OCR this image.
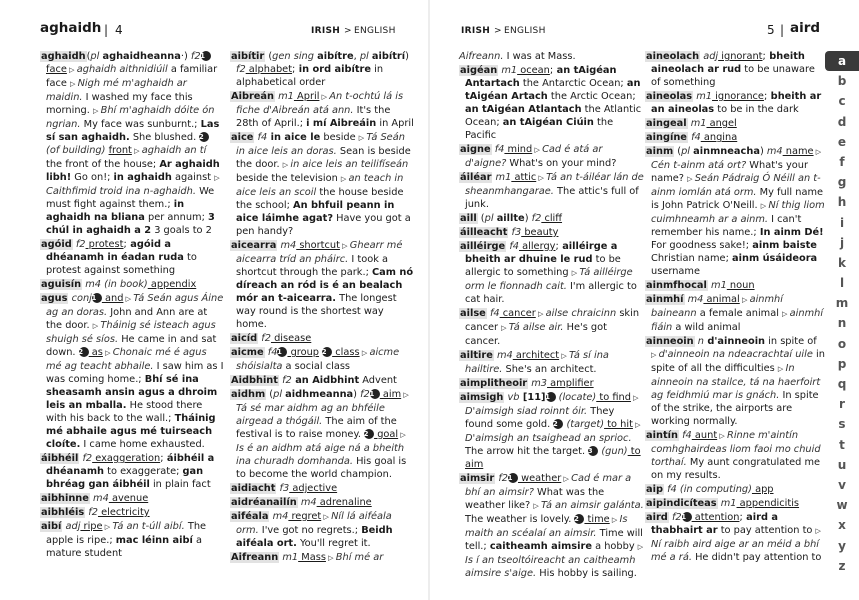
aghaidh | 4	IRISH > ENGLISH

aghaidh(pl aghaidheanna·) f21 face ▷ aghaidh aithnidiúil a familiar face ▷ Nigh mé m'aghaidh ar maidin. I washed my face this morning. ▷ Bhí m'aghaidh dóite ón ngrian. My face was sunburnt.; Las sí san aghaidh. She blushed. 2 (of building) front ▷ aghaidh an tí the front of the house; Ar aghaidh libh! Go on!; in aghaidh against ▷ Caithfimid troid ina n-aghaidh. We must fight against them.; in aghaidh na bliana per annum; 3 chúl in aghaidh a 2 3 goals to 2

agóid f2 protest; agóid a dhéanamh in éadan ruda to protest against something

aguisín m4 (in book) appendix

agus conj1 and ▷ Tá Seán agus Áine ag an doras. John and Ann are at the door. ▷ Tháinig sé isteach agus shuigh sé síos. He came in and sat down. 2 as ▷ Chonaic mé é agus mé ag teacht abhaile. I saw him as I was coming home.; Bhí sé ina sheasamh ansin agus a dhroim leis an mballa. He stood there with his back to the wall.; Tháinig mé abhaile agus mé tuirseach cloíte. I came home exhausted.

áibhéil f2 exaggeration; áibhéil a dhéanamh to exaggerate; gan bhréag gan áibhéil in plain fact

aibhinne m4 avenue

aibhléis f2 electricity

aibí adj ripe ▷ Tá an t-úll aibí. The apple is ripe.; mac léinn aibí a mature student

aibítir (gen sing aibítre, pl aibítrí) f2 alphabet; in ord aibítre in alphabetical order

Aibreán m1 April ▷ An t-ochtú lá is fiche d'Aibreán atá ann. It's the 28th of April.; i mí Aibreáin in April

aice f4 in aice le beside ▷ Tá Seán in aice leis an doras. Sean is beside the door. ▷ in aice leis an teilifíseán beside the television ▷ an teach in aice leis an scoil the house beside the school; An bhfuil peann in aice láimhe agat? Have you got a pen handy?

aicearra m4 shortcut ▷ Ghearr mé aicearra tríd an pháirc. I took a shortcut through the park.; Cam nó díreach an ród is é an bealach mór an t-aicearra. The longest way round is the shortest way home.

aicíd f2 disease

aicme f41 group 2 class ▷ aicme shóisialta a social class

Aidbhint f2 an Aidbhint Advent

aidhm (pl aidhmeanna) f21 aim ▷ Tá sé mar aidhm ag an bhféile airgead a thógáil. The aim of the festival is to raise money. 2 goal ▷ Is é an aidhm atá aige ná a bheith ina churadh domhanda. His goal is to become the world champion.

aidiacht f3 adjective

aidréanailín m4 adrenaline

aiféala m4 regret ▷ Níl lá aiféala orm. I've got no regrets.; Beidh aiféala ort. You'll regret it.

Aifreann m1 Mass ▷ Bhí mé ar

IRISH > ENGLISH	5 | aird

Aifreann. I was at Mass.

aigéan m1 ocean; an tAigéan Antartach the Antarctic Ocean; an tAigéan Artach the Arctic Ocean; an tAigéan Atlantach the Atlantic Ocean; an tAigéan Ciúin the Pacific

aigne f4 mind ▷ Cad é atá ar d'aigne? What's on your mind?

áiléar m1 attic ▷ Tá an t-áiléar lán de sheanmhangarae. The attic's full of junk.

aill (pl aillte) f2 cliff

áilleacht f3 beauty

ailléirge f4 allergy; ailléirge a bheith ar dhuine le rud to be allergic to something ▷ Tá ailléirge orm le fionnadh cait. I'm allergic to cat hair.

ailse f4 cancer ▷ ailse chraicinn skin cancer ▷ Tá ailse air. He's got cancer.

ailtire m4 architect ▷ Tá sí ina hailtire. She's an architect.

aimplitheoir m3 amplifier

aimsigh vb [11]1 (locate) to find ▷ D'aimsigh siad roinnt óir. They found some gold. 2 (target) to hit ▷ D'aimsigh an tsaighead an sprioc. The arrow hit the target. 3 (gun) to aim

aimsir f21 weather ▷ Cad é mar a bhí an aimsir? What was the weather like? ▷ Tá an aimsir galánta. The weather is lovely. 2 time ▷ Is maith an scéalaí an aimsir. Time will tell.; caitheamh aimsire a hobby ▷ Is í an tseoltóireacht an caitheamh aimsire s'aige. His hobby is sailing.

aineolach adj ignorant; bheith aineolach ar rud to be unaware of something

aineolas m1 ignorance; bheith ar an aineolas to be in the dark

aingeal m1 angel

aingíne f4 angina

ainm (pl ainmneacha) m4 name ▷ Cén t-ainm atá ort? What's your name? ▷ Seán Pádraig Ó Néill an t-ainm iomlán atá orm. My full name is John Patrick O'Neill. ▷ Ní thig liom cuimhneamh ar a ainm. I can't remember his name.; In ainm Dé! For goodness sake!; ainm baiste Christian name; ainm úsáideora username

ainmfhocal m1 noun

ainmhí m4 animal ▷ ainmhí baineann a female animal ▷ ainmhí fiáin a wild animal

ainneoin n d'ainneoin in spite of ▷ d'ainneoin na ndeacrachtaí uile in spite of all the difficulties ▷ In ainneoin na stailce, tá na haerfoirt ag feidhmiú mar is gnách. In spite of the strike, the airports are working normally.

aintín f4 aunt ▷ Rinne m'aintín comhghairdeas liom faoi mo chuid torthaí. My aunt congratulated me on my results.

aip f4 (in computing) app

aipindicíteas m1 appendicitis

aird f21 attention; aird a thabhairt ar to pay attention to ▷ Ní raibh aird aige ar an méid a bhí mé a rá. He didn't pay attention to

a
b
c
d
e
f
g
h
i
j
k
l
m
n
o
p
q
r
s
t
u
v
w
x
y
z
